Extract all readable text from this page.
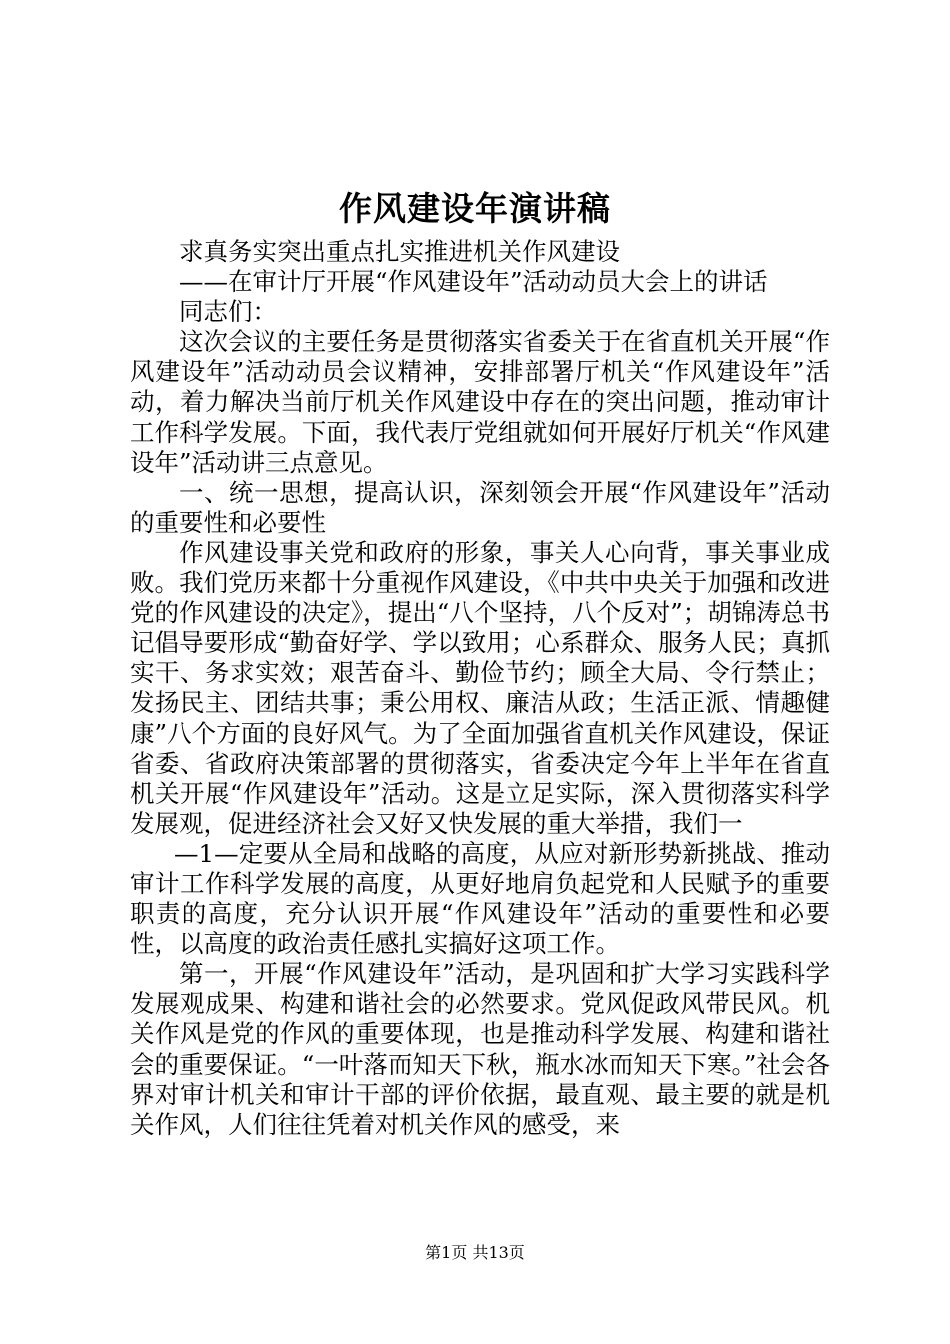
作风建设年演讲稿

求真务实突出重点扎实推进机关作风建设

——在审计厅开展“作风建设年”活动动员大会上的讲话

同志们：

这次会议的主要任务是贯彻落实省委关于在省直机关开展“作风建设年”活动动员会议精神，安排部署厅机关“作风建设年”活动，着力解决当前厅机关作风建设中存在的突出问题，推动审计工作科学发展。下面，我代表厅党组就如何开展好厅机关“作风建设年”活动讲三点意见。

一、统一思想，提高认识，深刻领会开展“作风建设年”活动的重要性和必要性

作风建设事关党和政府的形象，事关人心向背，事关事业成败。我们党历来都十分重视作风建设，《中共中央关于加强和改进党的作风建设的决定》，提出“八个坚持，八个反对”；胡锦涛总书记倡导要形成“勤奋好学、学以致用；心系群众、服务人民；真抓实干、务求实效；艰苦奋斗、勤俭节约；顾全大局、令行禁止；发扬民主、团结共事；秉公用权、廉洁从政；生活正派、情趣健康”八个方面的良好风气。为了全面加强省直机关作风建设，保证省委、省政府决策部署的贯彻落实，省委决定今年上半年在省直机关开展“作风建设年”活动。这是立足实际，深入贯彻落实科学发展观，促进经济社会又好又快发展的重大举措，我们一

—1—定要从全局和战略的高度，从应对新形势新挑战、推动审计工作科学发展的高度，从更好地肩负起党和人民赋予的重要职责的高度，充分认识开展“作风建设年”活动的重要性和必要性，以高度的政治责任感扎实搞好这项工作。

第一，开展“作风建设年”活动，是巩固和扩大学习实践科学发展观成果、构建和谐社会的必然要求。党风促政风带民风。机关作风是党的作风的重要体现，也是推动科学发展、构建和谐社会的重要保证。“一叶落而知天下秋，瓶水冰而知天下寒。”社会各界对审计机关和审计干部的评价依据，最直观、最主要的就是机关作风，人们往往凭着对机关作风的感受，来

第1页 共13页
